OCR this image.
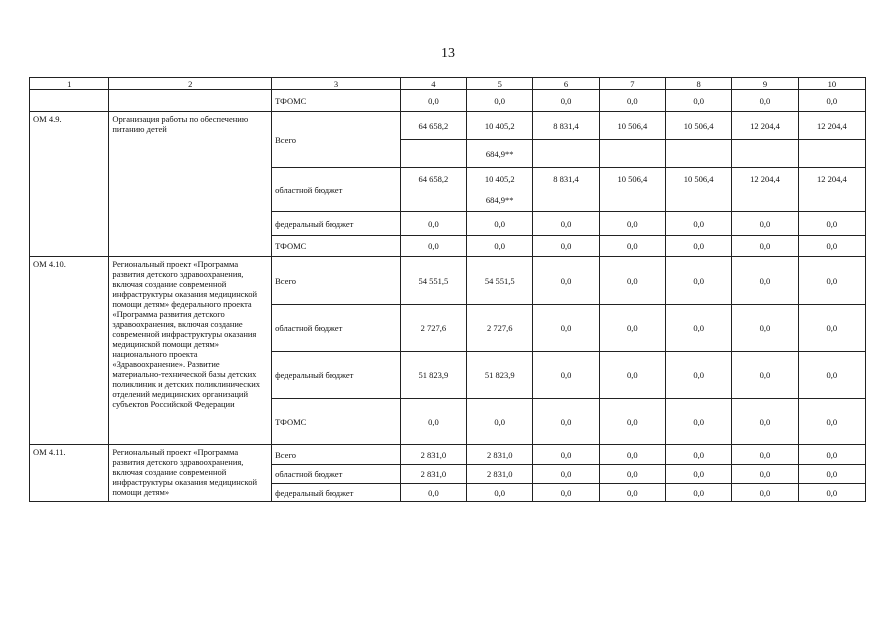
13
1	2	3	4	5	6	7	8	9	10
		ТФОМС	0,0	0,0	0,0	0,0	0,0	0,0	0,0
ОМ 4.9.	Организация работы по обеспечению питанию детей	Всего	64 658,2	10 405,2	8 831,4	10 506,4	10 506,4	12 204,4	12 204,4
				684,9**					
		областной бюджет	64 658,2	10 405,2	8 831,4	10 506,4	10 506,4	12 204,4	12 204,4
				684,9**					
		федеральный бюджет	0,0	0,0	0,0	0,0	0,0	0,0	0,0
		ТФОМС	0,0	0,0	0,0	0,0	0,0	0,0	0,0
ОМ 4.10.	Региональный проект «Программа развития детского здравоохранения, включая создание современной инфраструктуры оказания медицинской помощи детям» федерального проекта «Программа развития детского здравоохранения, включая создание современной инфраструктуры оказания медицинской помощи детям» национального проекта «Здравоохранение». Развитие материально-технической базы детских поликлиник и детских поликлинических отделений медицинских организаций субъектов Российской Федерации	Всего	54 551,5	54 551,5	0,0	0,0	0,0	0,0	0,0
		областной бюджет	2 727,6	2 727,6	0,0	0,0	0,0	0,0	0,0
		федеральный бюджет	51 823,9	51 823,9	0,0	0,0	0,0	0,0	0,0
		ТФОМС	0,0	0,0	0,0	0,0	0,0	0,0	0,0
ОМ 4.11.	Региональный проект «Программа развития детского здравоохранения, включая создание современной инфраструктуры оказания медицинской помощи детям»	Всего	2 831,0	2 831,0	0,0	0,0	0,0	0,0	0,0
		областной бюджет	2 831,0	2 831,0	0,0	0,0	0,0	0,0	0,0
		федеральный бюджет	0,0	0,0	0,0	0,0	0,0	0,0	0,0
